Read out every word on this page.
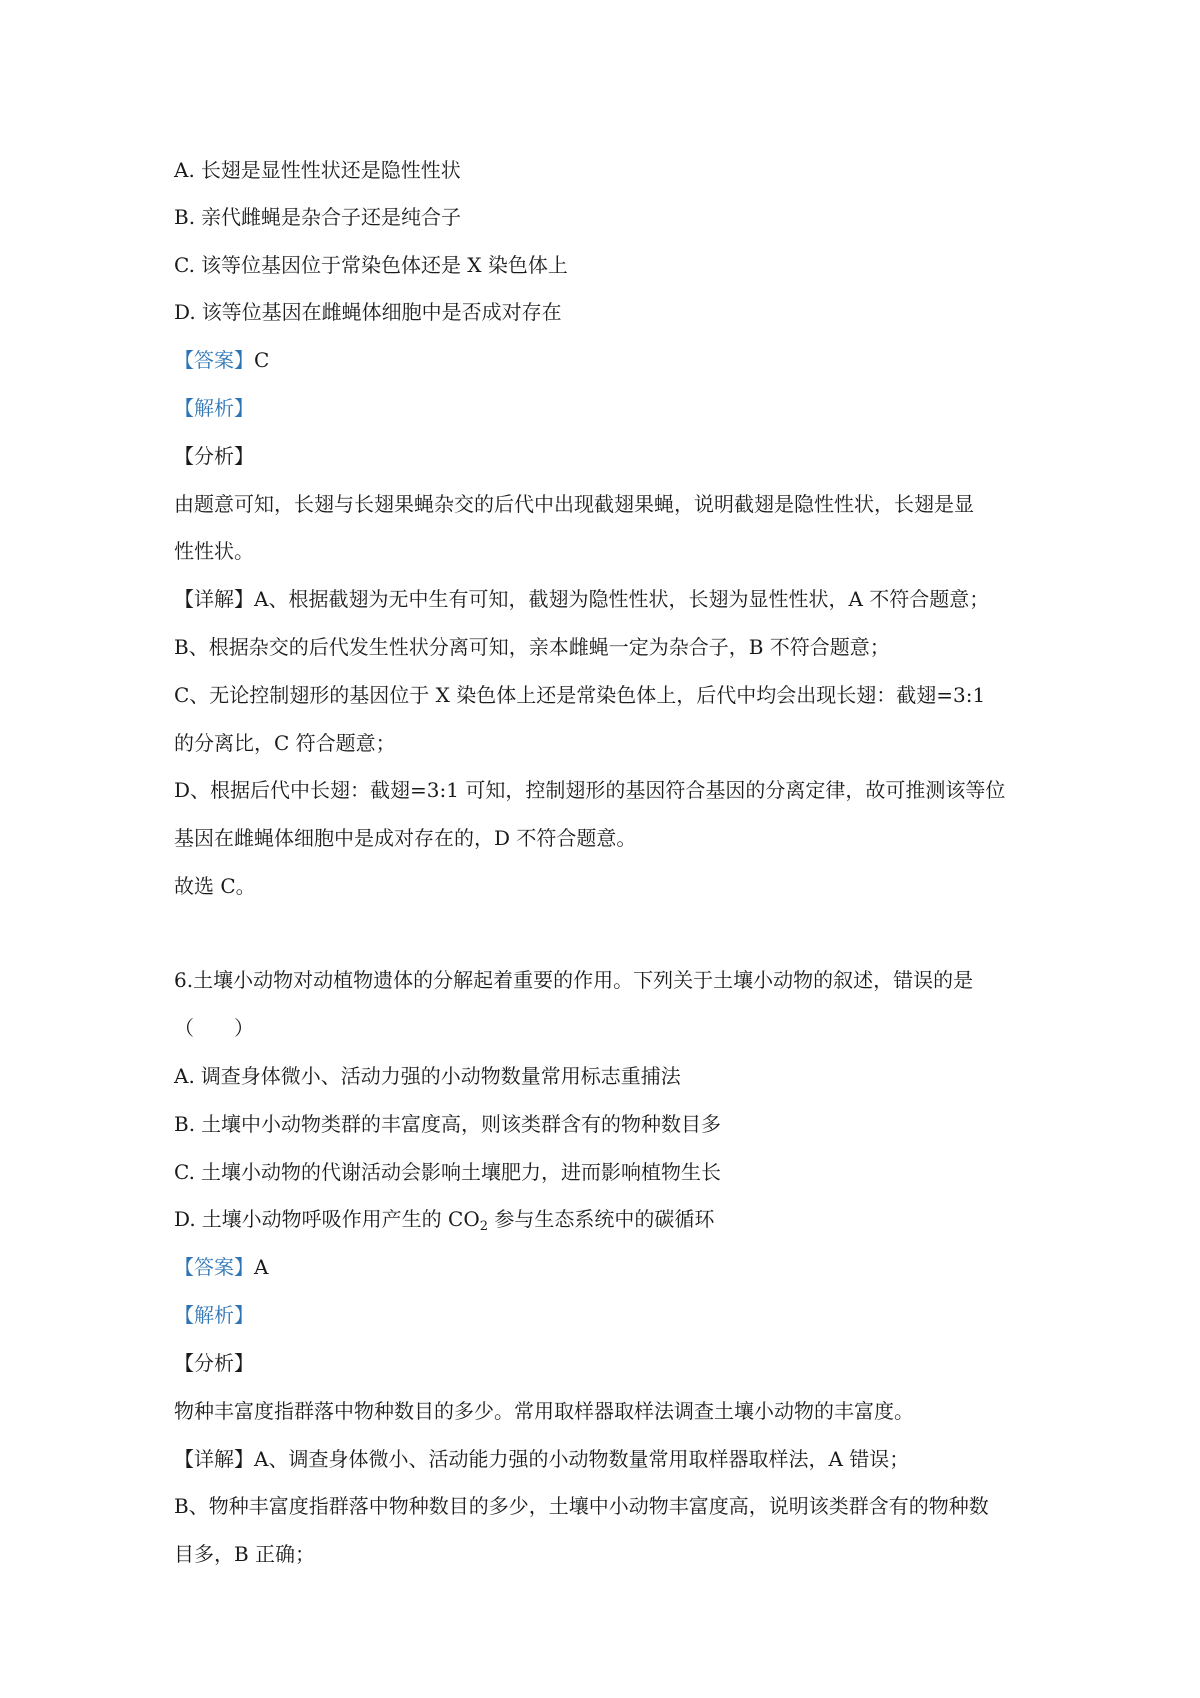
A. 长翅是显性性状还是隐性性状
B. 亲代雌蝇是杂合子还是纯合子
C. 该等位基因位于常染色体还是 X 染色体上
D. 该等位基因在雌蝇体细胞中是否成对存在
【答案】C
【解析】
【分析】
由题意可知，长翅与长翅果蝇杂交的后代中出现截翅果蝇，说明截翅是隐性性状，长翅是显
性性状。
【详解】A、根据截翅为无中生有可知，截翅为隐性性状，长翅为显性性状，A 不符合题意；
B、根据杂交的后代发生性状分离可知，亲本雌蝇一定为杂合子，B 不符合题意；
C、无论控制翅形的基因位于 X 染色体上还是常染色体上，后代中均会出现长翅：截翅=3:1
的分离比，C 符合题意；
D、根据后代中长翅：截翅=3:1 可知，控制翅形的基因符合基因的分离定律，故可推测该等位
基因在雌蝇体细胞中是成对存在的，D 不符合题意。
故选 C。
6.土壤小动物对动植物遗体的分解起着重要的作用。下列关于土壤小动物的叙述，错误的是
（　　）
A. 调查身体微小、活动力强的小动物数量常用标志重捕法
B. 土壤中小动物类群的丰富度高，则该类群含有的物种数目多
C. 土壤小动物的代谢活动会影响土壤肥力，进而影响植物生长
D. 土壤小动物呼吸作用产生的 $CO_2$ 参与生态系统中的碳循环
【答案】A
【解析】
【分析】
物种丰富度指群落中物种数目的多少。常用取样器取样法调查土壤小动物的丰富度。
【详解】A、调查身体微小、活动能力强的小动物数量常用取样器取样法，A 错误；
B、物种丰富度指群落中物种数目的多少，土壤中小动物丰富度高，说明该类群含有的物种数
目多，B 正确；
